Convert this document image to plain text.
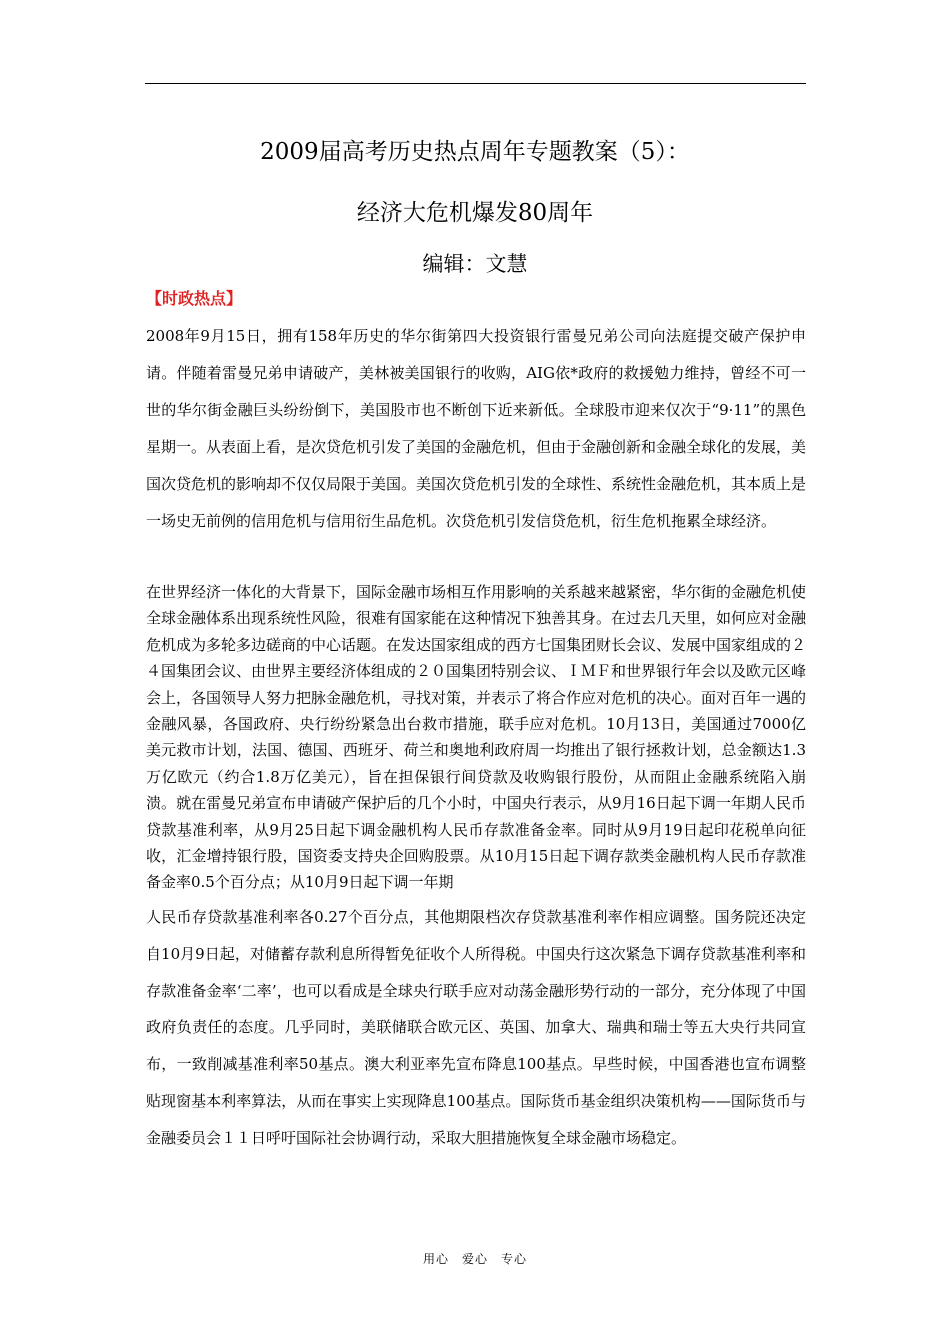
2009届高考历史热点周年专题教案（5）：
经济大危机爆发80周年
编辑：文慧
【时政热点】

2008年9月15日，拥有158年历史的华尔街第四大投资银行雷曼兄弟公司向法庭提交破产保护申请。伴随着雷曼兄弟申请破产，美林被美国银行的收购，AIG依*政府的救援勉力维持，曾经不可一世的华尔街金融巨头纷纷倒下，美国股市也不断创下近来新低。全球股市迎来仅次于“9·11”的黑色星期一。从表面上看，是次贷危机引发了美国的金融危机，但由于金融创新和金融全球化的发展，美国次贷危机的影响却不仅仅局限于美国。美国次贷危机引发的全球性、系统性金融危机，其本质上是一场史无前例的信用危机与信用衍生品危机。次贷危机引发信贷危机，衍生危机拖累全球经济。

在世界经济一体化的大背景下，国际金融市场相互作用影响的关系越来越紧密，华尔街的金融危机使全球金融体系出现系统性风险，很难有国家能在这种情况下独善其身。在过去几天里，如何应对金融危机成为多轮多边磋商的中心话题。在发达国家组成的西方七国集团财长会议、发展中国家组成的２４国集团会议、由世界主要经济体组成的２０国集团特别会议、ＩＭＦ和世界银行年会以及欧元区峰会上，各国领导人努力把脉金融危机，寻找对策，并表示了将合作应对危机的决心。面对百年一遇的金融风暴，各国政府、央行纷纷紧急出台救市措施，联手应对危机。10月13日，美国通过7000亿美元救市计划，法国、德国、西班牙、荷兰和奥地利政府周一均推出了银行拯救计划，总金额达1.3万亿欧元（约合1.8万亿美元），旨在担保银行间贷款及收购银行股份，从而阻止金融系统陷入崩溃。就在雷曼兄弟宣布申请破产保护后的几个小时，中国央行表示，从9月16日起下调一年期人民币贷款基准利率，从9月25日起下调金融机构人民币存款准备金率。同时从9月19日起印花税单向征收，汇金增持银行股，国资委支持央企回购股票。从10月15日起下调存款类金融机构人民币存款准备金率0.5个百分点；从10月9日起下调一年期

人民币存贷款基准利率各0.27个百分点，其他期限档次存贷款基准利率作相应调整。国务院还决定自10月9日起，对储蓄存款利息所得暂免征收个人所得税。中国央行这次紧急下调存贷款基准利率和存款准备金率‘二率’，也可以看成是全球央行联手应对动荡金融形势行动的一部分，充分体现了中国政府负责任的态度。几乎同时，美联储联合欧元区、英国、加拿大、瑞典和瑞士等五大央行共同宣布，一致削减基准利率50基点。澳大利亚率先宣布降息100基点。早些时候，中国香港也宣布调整贴现窗基本利率算法，从而在事实上实现降息100基点。国际货币基金组织决策机构——国际货币与金融委员会１１日呼吁国际社会协调行动，采取大胆措施恢复全球金融市场稳定。

用心　爱心　专心
